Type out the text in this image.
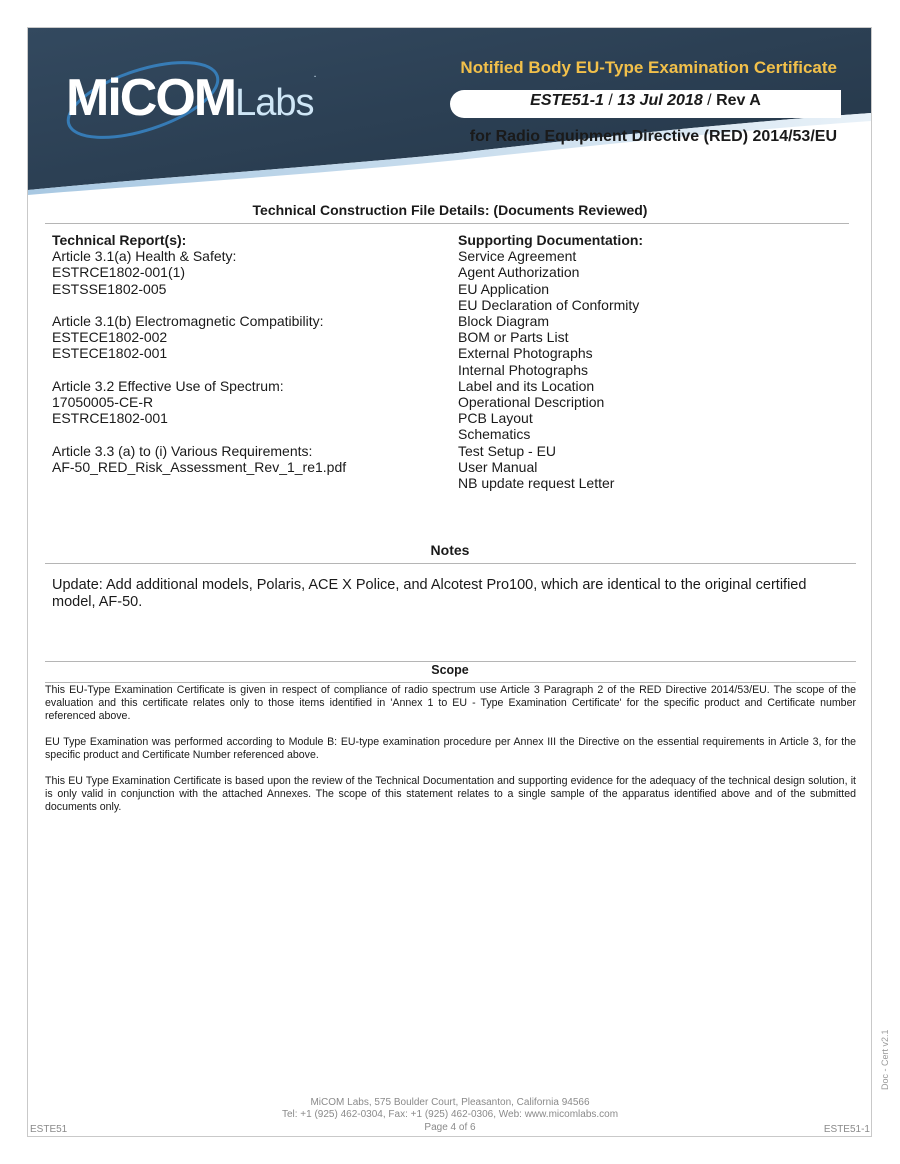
MiCOMLabs.	Notified Body EU-Type Examination Certificate
ESTE51-1 / 13 Jul 2018 / Rev A
for Radio Equipment Directive (RED) 2014/53/EU
Technical Construction File Details: (Documents Reviewed)
Technical Report(s):
Article 3.1(a) Health & Safety:
ESTRCE1802-001(1)
ESTSSE1802-005
Article 3.1(b) Electromagnetic Compatibility:
ESTECE1802-002
ESTECE1802-001
Article 3.2 Effective Use of Spectrum:
17050005-CE-R
ESTRCE1802-001
Article 3.3 (a) to (i) Various Requirements:
AF-50_RED_Risk_Assessment_Rev_1_re1.pdf
Supporting Documentation:
Service Agreement
Agent Authorization
EU Application
EU Declaration of Conformity
Block Diagram
BOM or Parts List
External Photographs
Internal Photographs
Label and its Location
Operational Description
PCB Layout
Schematics
Test Setup - EU
User Manual
NB update request Letter
Notes
Update: Add additional models, Polaris, ACE X Police, and Alcotest Pro100, which are identical to the original certified model, AF-50.
Scope

This EU-Type Examination Certificate is given in respect of compliance of radio spectrum use Article 3 Paragraph 2 of the RED Directive 2014/53/EU. The scope of the evaluation and this certificate relates only to those items identified in 'Annex 1 to EU - Type Examination Certificate' for the specific product and Certificate number referenced above.

EU Type Examination was performed according to Module B: EU-type examination procedure per Annex III the Directive on the essential requirements in Article 3, for the specific product and Certificate Number referenced above.

This EU Type Examination Certificate is based upon the review of the Technical Documentation and supporting evidence for the adequacy of the technical design solution, it is only valid in conjunction with the attached Annexes. The scope of this statement relates to a single sample of the apparatus identified above and of the submitted documents only.

Doc - Cert v2.1
MiCOM Labs, 575 Boulder Court, Pleasanton, California 94566
Tel: +1 (925) 462-0304, Fax: +1 (925) 462-0306, Web: www.micomlabs.com
Page 4 of 6
ESTE51	ESTE51-1
